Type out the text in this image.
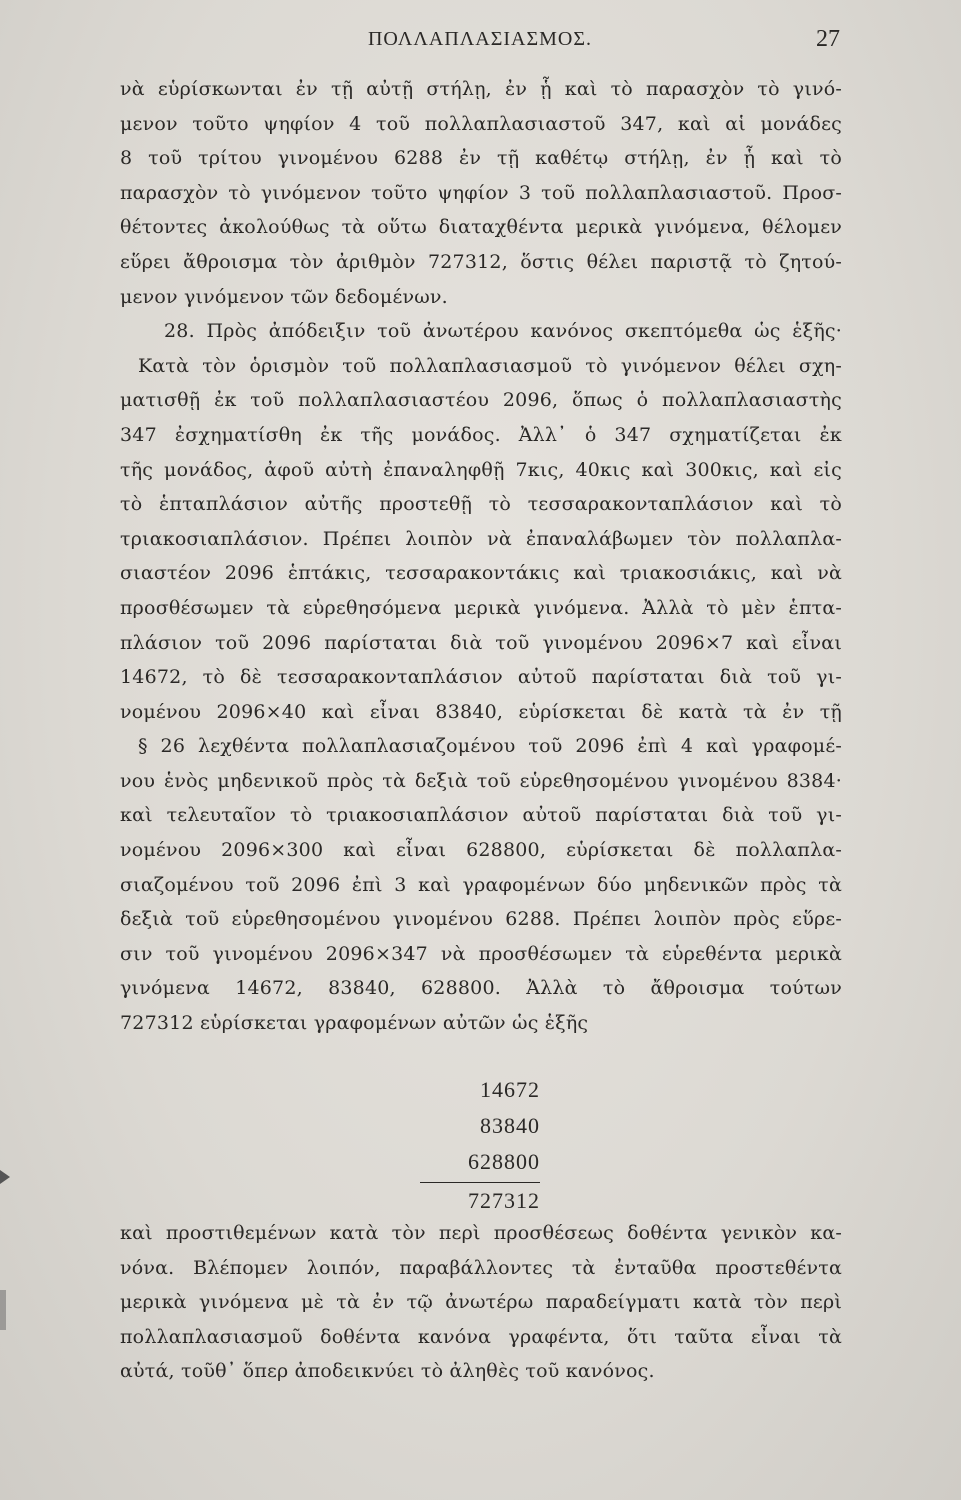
ΠΟΛΛΑΠΛΑΣΙΑΣΜΟΣ.	27
νὰ εὑρίσκωνται ἐν τῇ αὐτῇ στήλῃ, ἐν ᾗ καὶ τὸ παρασχὸν τὸ γινό-
μενον τοῦτο ψηφίον 4 τοῦ πολλαπλασιαστοῦ 347, καὶ αἱ μονάδες
8 τοῦ τρίτου γινομένου 6288 ἐν τῇ καθέτῳ στήλῃ, ἐν ᾗ καὶ τὸ
παρασχὸν τὸ γινόμενον τοῦτο ψηφίον 3 τοῦ πολλαπλασιαστοῦ. Προσ-
θέτοντες ἀκολούθως τὰ οὕτω διαταχθέντα μερικὰ γινόμενα, θέλομεν
εὕρει ἄθροισμα τὸν ἀριθμὸν 727312, ὅστις θέλει παριστᾷ τὸ ζητού-
μενον γινόμενον τῶν δεδομένων.
28. Πρὸς ἀπόδειξιν τοῦ ἀνωτέρου κανόνος σκεπτόμεθα ὡς ἑξῆς·
Κατὰ τὸν ὁρισμὸν τοῦ πολλαπλασιασμοῦ τὸ γινόμενον θέλει σχη-
ματισθῇ ἐκ τοῦ πολλαπλασιαστέου 2096, ὅπως ὁ πολλαπλασιαστὴς
347 ἐσχηματίσθη ἐκ τῆς μονάδος. Ἀλλ᾽ ὁ 347 σχηματίζεται ἐκ
τῆς μονάδος, ἀφοῦ αὐτὴ ἐπαναληφθῇ 7κις, 40κις καὶ 300κις, καὶ εἰς
τὸ ἑπταπλάσιον αὐτῆς προστεθῇ τὸ τεσσαρακονταπλάσιον καὶ τὸ
τριακοσιαπλάσιον. Πρέπει λοιπὸν νὰ ἐπαναλάβωμεν τὸν πολλαπλα-
σιαστέον 2096 ἑπτάκις, τεσσαρακοντάκις καὶ τριακοσιάκις, καὶ νὰ
προσθέσωμεν τὰ εὑρεθησόμενα μερικὰ γινόμενα. Ἀλλὰ τὸ μὲν ἑπτα-
πλάσιον τοῦ 2096 παρίσταται διὰ τοῦ γινομένου 2096×7 καὶ εἶναι
14672, τὸ δὲ τεσσαρακονταπλάσιον αὐτοῦ παρίσταται διὰ τοῦ γι-
νομένου 2096×40 καὶ εἶναι 83840, εὑρίσκεται δὲ κατὰ τὰ ἐν τῇ
§ 26 λεχθέντα πολλαπλασιαζομένου τοῦ 2096 ἐπὶ 4 καὶ γραφομέ-
νου ἑνὸς μηδενικοῦ πρὸς τὰ δεξιὰ τοῦ εὑρεθησομένου γινομένου 8384·
καὶ τελευταῖον τὸ τριακοσιαπλάσιον αὐτοῦ παρίσταται διὰ τοῦ γι-
νομένου 2096×300 καὶ εἶναι 628800, εὑρίσκεται δὲ πολλαπλα-
σιαζομένου τοῦ 2096 ἐπὶ 3 καὶ γραφομένων δύο μηδενικῶν πρὸς τὰ
δεξιὰ τοῦ εὑρεθησομένου γινομένου 6288. Πρέπει λοιπὸν πρὸς εὕρε-
σιν τοῦ γινομένου 2096×347 νὰ προσθέσωμεν τὰ εὑρεθέντα μερικὰ
γινόμενα 14672, 83840, 628800. Ἀλλὰ τὸ ἄθροισμα τούτων
727312 εὑρίσκεται γραφομένων αὐτῶν ὡς ἑξῆς
14672
83840
628800
727312
καὶ προστιθεμένων κατὰ τὸν περὶ προσθέσεως δοθέντα γενικὸν κα-
νόνα. Βλέπομεν λοιπόν, παραβάλλοντες τὰ ἐνταῦθα προστεθέντα
μερικὰ γινόμενα μὲ τὰ ἐν τῷ ἀνωτέρω παραδείγματι κατὰ τὸν περὶ
πολλαπλασιασμοῦ δοθέντα κανόνα γραφέντα, ὅτι ταῦτα εἶναι τὰ
αὐτά, τοῦθ᾽ ὅπερ ἀποδεικνύει τὸ ἀληθὲς τοῦ κανόνος.
